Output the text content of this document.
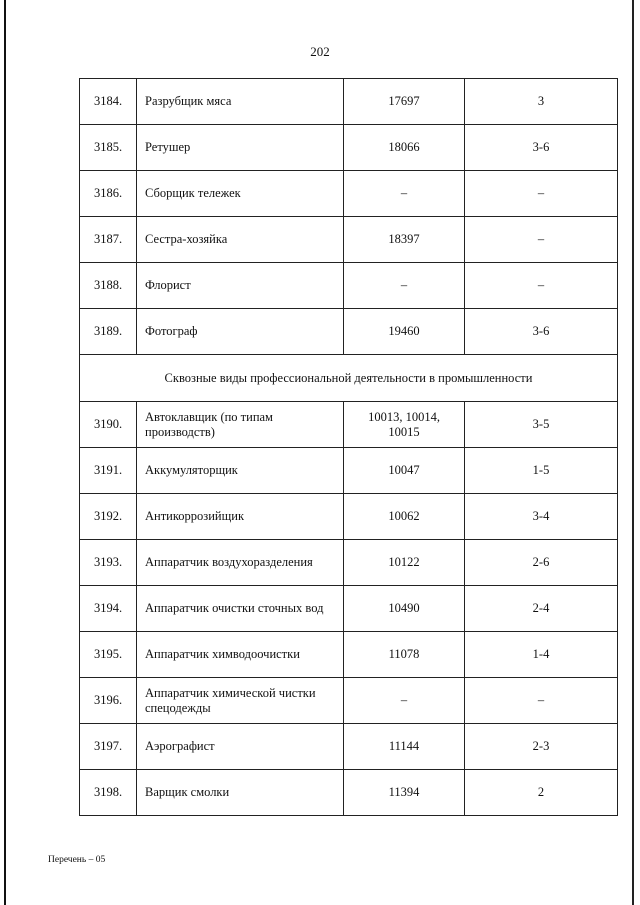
202
3184.	Разрубщик мяса	17697	3
3185.	Ретушер	18066	3-6
3186.	Сборщик тележек	–	–
3187.	Сестра-хозяйка	18397	–
3188.	Флорист	–	–
3189.	Фотограф	19460	3-6
Сквозные виды профессиональной деятельности в промышленности			
3190.	Автоклавщик (по типам производств)	10013, 10014, 10015	3-5
3191.	Аккумуляторщик	10047	1-5
3192.	Антикоррозийщик	10062	3-4
3193.	Аппаратчик воздухоразделения	10122	2-6
3194.	Аппаратчик очистки сточных вод	10490	2-4
3195.	Аппаратчик химводоочистки	11078	1-4
3196.	Аппаратчик химической чистки спецодежды	–	–
3197.	Аэрографист	11144	2-3
3198.	Варщик смолки	11394	2
Перечень – 05
